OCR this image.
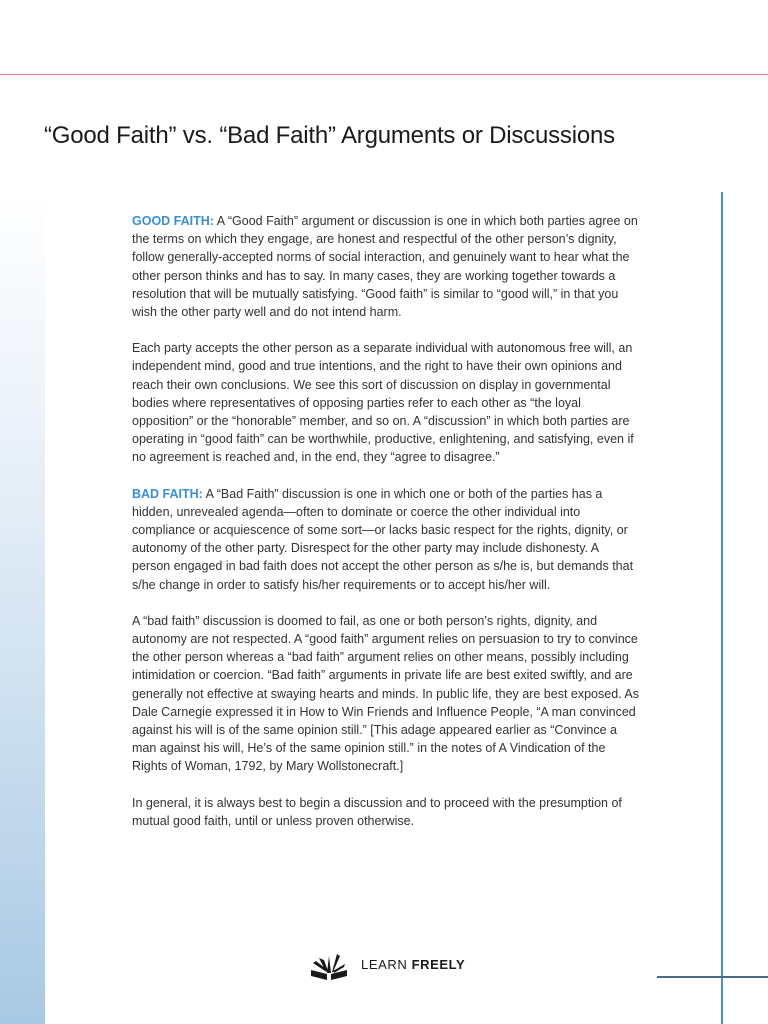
“Good Faith” vs. “Bad Faith” Arguments or Discussions

GOOD FAITH: A “Good Faith” argument or discussion is one in which both parties agree on the terms on which they engage, are honest and respectful of the other person’s dignity, follow generally-accepted norms of social interaction, and genuinely want to hear what the other person thinks and has to say. In many cases, they are working together towards a resolution that will be mutually satisfying. “Good faith” is similar to “good will,” in that you wish the other party well and do not intend harm.

Each party accepts the other person as a separate individual with autonomous free will, an independent mind, good and true intentions, and the right to have their own opinions and reach their own conclusions. We see this sort of discussion on display in governmental bodies where representatives of opposing parties refer to each other as “the loyal opposition” or the “honorable” member, and so on. A “discussion” in which both parties are operating in “good faith” can be worthwhile, productive, enlightening, and satisfying, even if no agreement is reached and, in the end, they “agree to disagree.”

BAD FAITH: A “Bad Faith” discussion is one in which one or both of the parties has a hidden, unrevealed agenda—often to dominate or coerce the other individual into compliance or acquiescence of some sort—or lacks basic respect for the rights, dignity, or autonomy of the other party. Disrespect for the other party may include dishonesty. A person engaged in bad faith does not accept the other person as s/he is, but demands that s/he change in order to satisfy his/her requirements or to accept his/her will.

A “bad faith” discussion is doomed to fail, as one or both person’s rights, dignity, and autonomy are not respected. A “good faith” argument relies on persuasion to try to convince the other person whereas a “bad faith” argument relies on other means, possibly including intimidation or coercion. “Bad faith” arguments in private life are best exited swiftly, and are generally not effective at swaying hearts and minds. In public life, they are best exposed. As Dale Carnegie expressed it in How to Win Friends and Influence People, “A man convinced against his will is of the same opinion still.” [This adage appeared earlier as “Convince a man against his will, He’s of the same opinion still.” in the notes of A Vindication of the Rights of Woman, 1792, by Mary Wollstonecraft.]

In general, it is always best to begin a discussion and to proceed with the presumption of mutual good faith, until or unless proven otherwise.

LEARN FREELY
